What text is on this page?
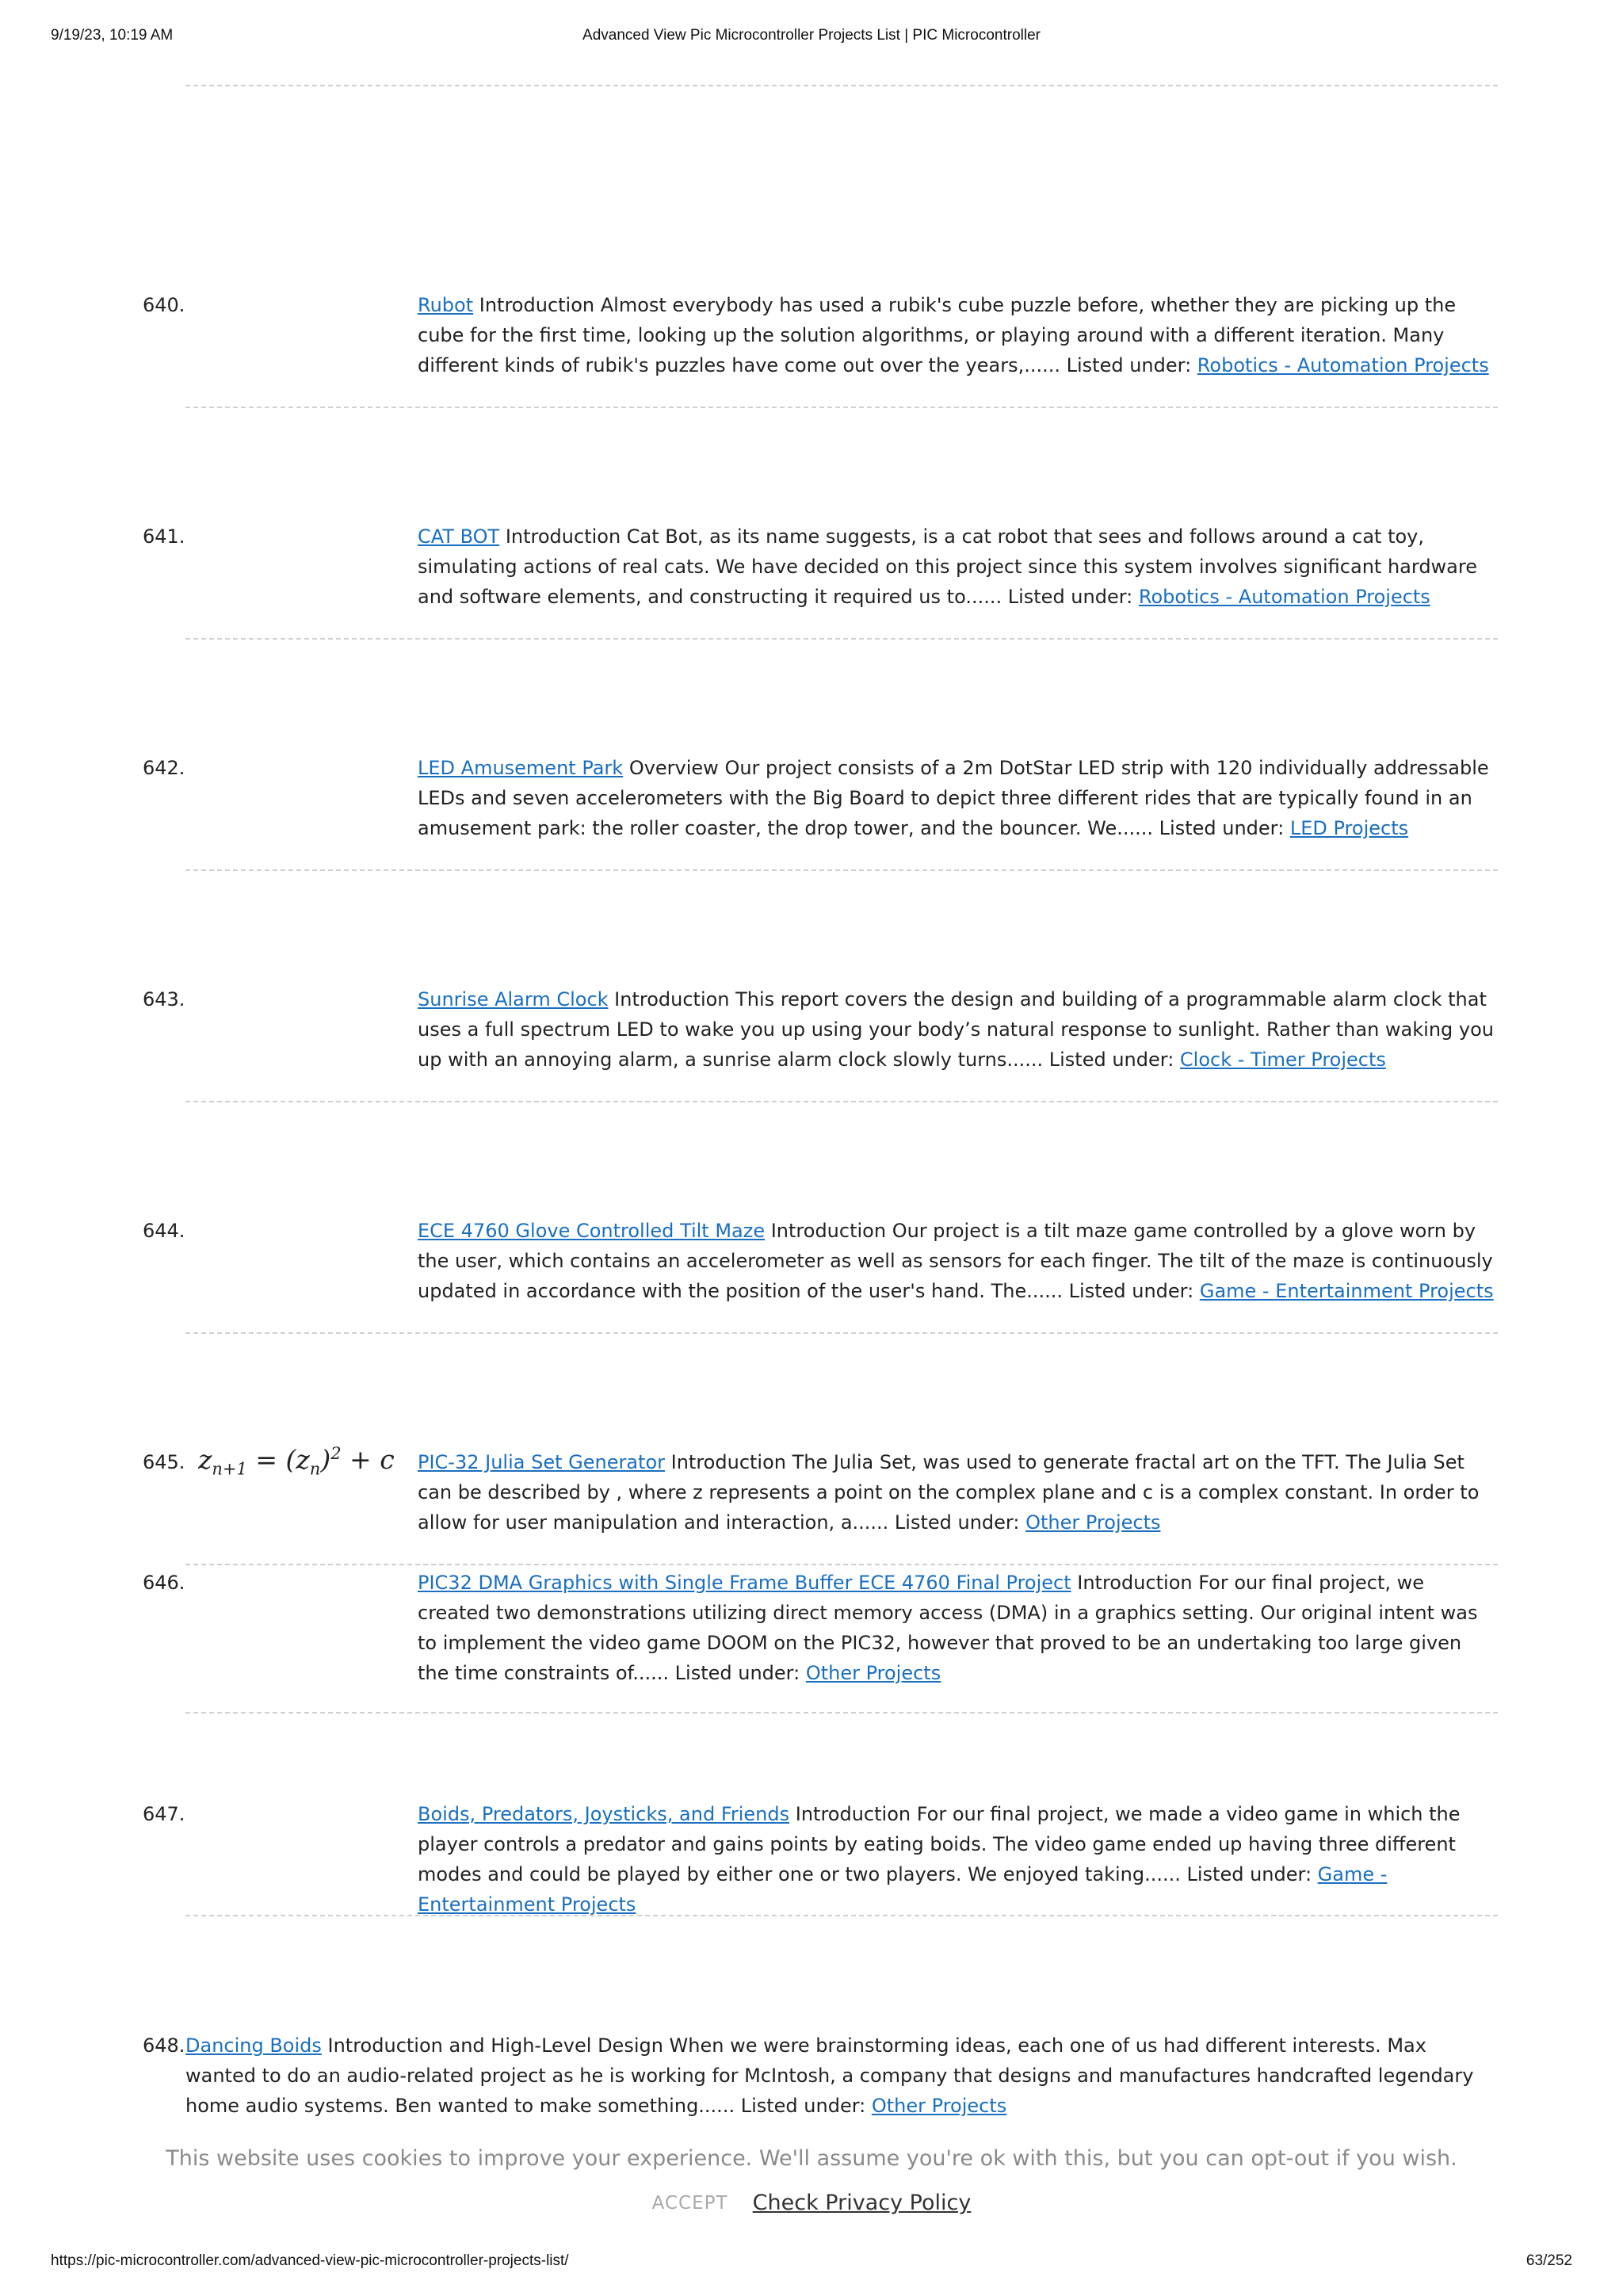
9/19/23, 10:19 AM	Advanced View Pic Microcontroller Projects List | PIC Microcontroller
640.	Rubot Introduction Almost everybody has used a rubik's cube puzzle before, whether they are picking up the cube for the first time, looking up the solution algorithms, or playing around with a different iteration. Many different kinds of rubik's puzzles have come out over the years,...... Listed under: Robotics - Automation Projects
641.	CAT BOT Introduction Cat Bot, as its name suggests, is a cat robot that sees and follows around a cat toy, simulating actions of real cats. We have decided on this project since this system involves significant hardware and software elements, and constructing it required us to...... Listed under: Robotics - Automation Projects
642.	LED Amusement Park Overview Our project consists of a 2m DotStar LED strip with 120 individually addressable LEDs and seven accelerometers with the Big Board to depict three different rides that are typically found in an amusement park: the roller coaster, the drop tower, and the bouncer. We...... Listed under: LED Projects
643.	Sunrise Alarm Clock Introduction This report covers the design and building of a programmable alarm clock that uses a full spectrum LED to wake you up using your body’s natural response to sunlight. Rather than waking you up with an annoying alarm, a sunrise alarm clock slowly turns...... Listed under: Clock - Timer Projects
644.	ECE 4760 Glove Controlled Tilt Maze Introduction Our project is a tilt maze game controlled by a glove worn by the user, which contains an accelerometer as well as sensors for each finger. The tilt of the maze is continuously updated in accordance with the position of the user's hand. The...... Listed under: Game - Entertainment Projects
645. $z_{n+1} = (z_n)^2 + c$ PIC-32 Julia Set Generator Introduction The Julia Set, was used to generate fractal art on the TFT. The Julia Set can be described by , where z represents a point on the complex plane and c is a complex constant. In order to allow for user manipulation and interaction, a...... Listed under: Other Projects
646.	PIC32 DMA Graphics with Single Frame Buffer ECE 4760 Final Project Introduction For our final project, we created two demonstrations utilizing direct memory access (DMA) in a graphics setting. Our original intent was to implement the video game DOOM on the PIC32, however that proved to be an undertaking too large given the time constraints of...... Listed under: Other Projects
647.	Boids, Predators, Joysticks, and Friends Introduction For our final project, we made a video game in which the player controls a predator and gains points by eating boids. The video game ended up having three different modes and could be played by either one or two players. We enjoyed taking...... Listed under: Game - Entertainment Projects
648. Dancing Boids Introduction and High-Level Design When we were brainstorming ideas, each one of us had different interests. Max wanted to do an audio-related project as he is working for McIntosh, a company that designs and manufactures handcrafted legendary home audio systems. Ben wanted to make something...... Listed under: Other Projects
This website uses cookies to improve your experience. We'll assume you're ok with this, but you can opt-out if you wish.
ACCEPT Check Privacy Policy
https://pic-microcontroller.com/advanced-view-pic-microcontroller-projects-list/	63/252
